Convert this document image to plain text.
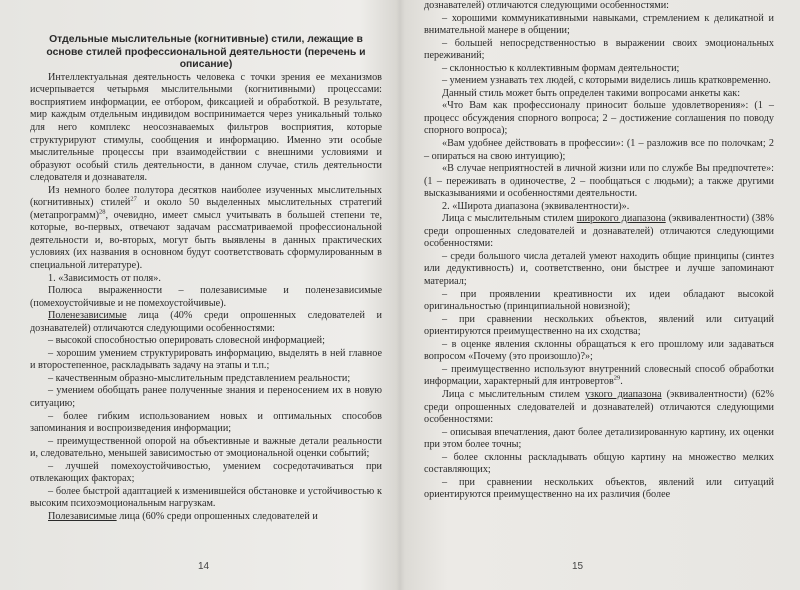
Отдельные мыслительные (когнитивные) стили, лежащие в основе стилей профессиональной деятельности (перечень и описание)

Интеллектуальная деятельность человека с точки зрения ее механизмов исчерпывается четырьмя мыслительными (когнитивными) процессами: восприятием информации, ее отбором, фиксацией и обработкой. В результате, мир каждым отдельным индивидом воспринимается через уникальный только для него комплекс неосознаваемых фильтров восприятия, которые структурируют стимулы, сообщения и информацию. Именно эти особые мыслительные процессы при взаимодействии с внешними условиями и образуют особый стиль деятельности, в данном случае, стиль деятельности следователя и дознавателя.

Из немного более полутора десятков наиболее изученных мыслительных (когнитивных) стилей$^{27}$ и около 50 выделенных мыслительных стратегий (метапрограмм)$^{28}$, очевидно, имеет смысл учитывать в большей степени те, которые, во-первых, отвечают задачам рассматриваемой профессиональной деятельности и, во-вторых, могут быть выявлены в данных практических условиях (их названия в основном будут соответствовать сформулированным в специальной литературе).

1. «Зависимость от поля».

Полюса выраженности – полезависимые и поленезависимые (помехоустойчивые и не помехоустойчивые).

Поленезависимые лица (40% среди опрошенных следователей и дознавателей) отличаются следующими особенностями:

– высокой способностью оперировать словесной информацией;

– хорошим умением структурировать информацию, выделять в ней главное и второстепенное, раскладывать задачу на этапы и т.п.;

– качественным образно-мыслительным представлением реальности;

– умением обобщать ранее полученные знания и переносением их в новую ситуацию;

– более гибким использованием новых и оптимальных способов запоминания и воспроизведения информации;

– преимущественной опорой на объективные и важные детали реальности и, следовательно, меньшей зависимостью от эмоциональной оценки событий;

– лучшей помехоустойчивостью, умением сосредотачиваться при отвлекающих факторах;

– более быстрой адаптацией к изменившейся обстановке и устойчивостью к высоким психоэмоциональным нагрузкам.

Полезависимые лица (60% среди опрошенных следователей и

14

дознавателей) отличаются следующими особенностями:

– хорошими коммуникативными навыками, стремлением к деликатной и внимательной манере в общении;

– большей непосредственностью в выражении своих эмоциональных переживаний;

– склонностью к коллективным формам деятельности;

– умением узнавать тех людей, с которыми виделись лишь кратковременно.

Данный стиль может быть определен такими вопросами анкеты как:

«Что Вам как профессионалу приносит больше удовлетворения»: (1 – процесс обсуждения спорного вопроса; 2 – достижение соглашения по поводу спорного вопроса);

«Вам удобнее действовать в профессии»: (1 – разложив все по полочкам; 2 – опираться на свою интуицию);

«В случае неприятностей в личной жизни или по службе Вы предпочтете»: (1 – переживать в одиночестве, 2 – пообщаться с людьми); а также другими высказываниями и особенностями деятельности.

2. «Широта диапазона (эквивалентности)».

Лица с мыслительным стилем широкого диапазона (эквивалентности) (38% среди опрошенных следователей и дознавателей) отличаются следующими особенностями:

– среди большого числа деталей умеют находить общие принципы (синтез или дедуктивность) и, соответственно, они быстрее и лучше запоминают материал;

– при проявлении креативности их идеи обладают высокой оригинальностью (принципиальной новизной);

– при сравнении нескольких объектов, явлений или ситуаций ориентируются преимущественно на их сходства;

– в оценке явления склонны обращаться к его прошлому или задаваться вопросом «Почему (это произошло)?»;

– преимущественно используют внутренний словесный способ обработки информации, характерный для интровертов$^{29}$.

Лица с мыслительным стилем узкого диапазона (эквивалентности) (62% среди опрошенных следователей и дознавателей) отличаются следующими особенностями:

– описывая впечатления, дают более детализированную картину, их оценки при этом более точны;

– более склонны раскладывать общую картину на множество мелких составляющих;

– при сравнении нескольких объектов, явлений или ситуаций ориентируются преимущественно на их различия (более

15
